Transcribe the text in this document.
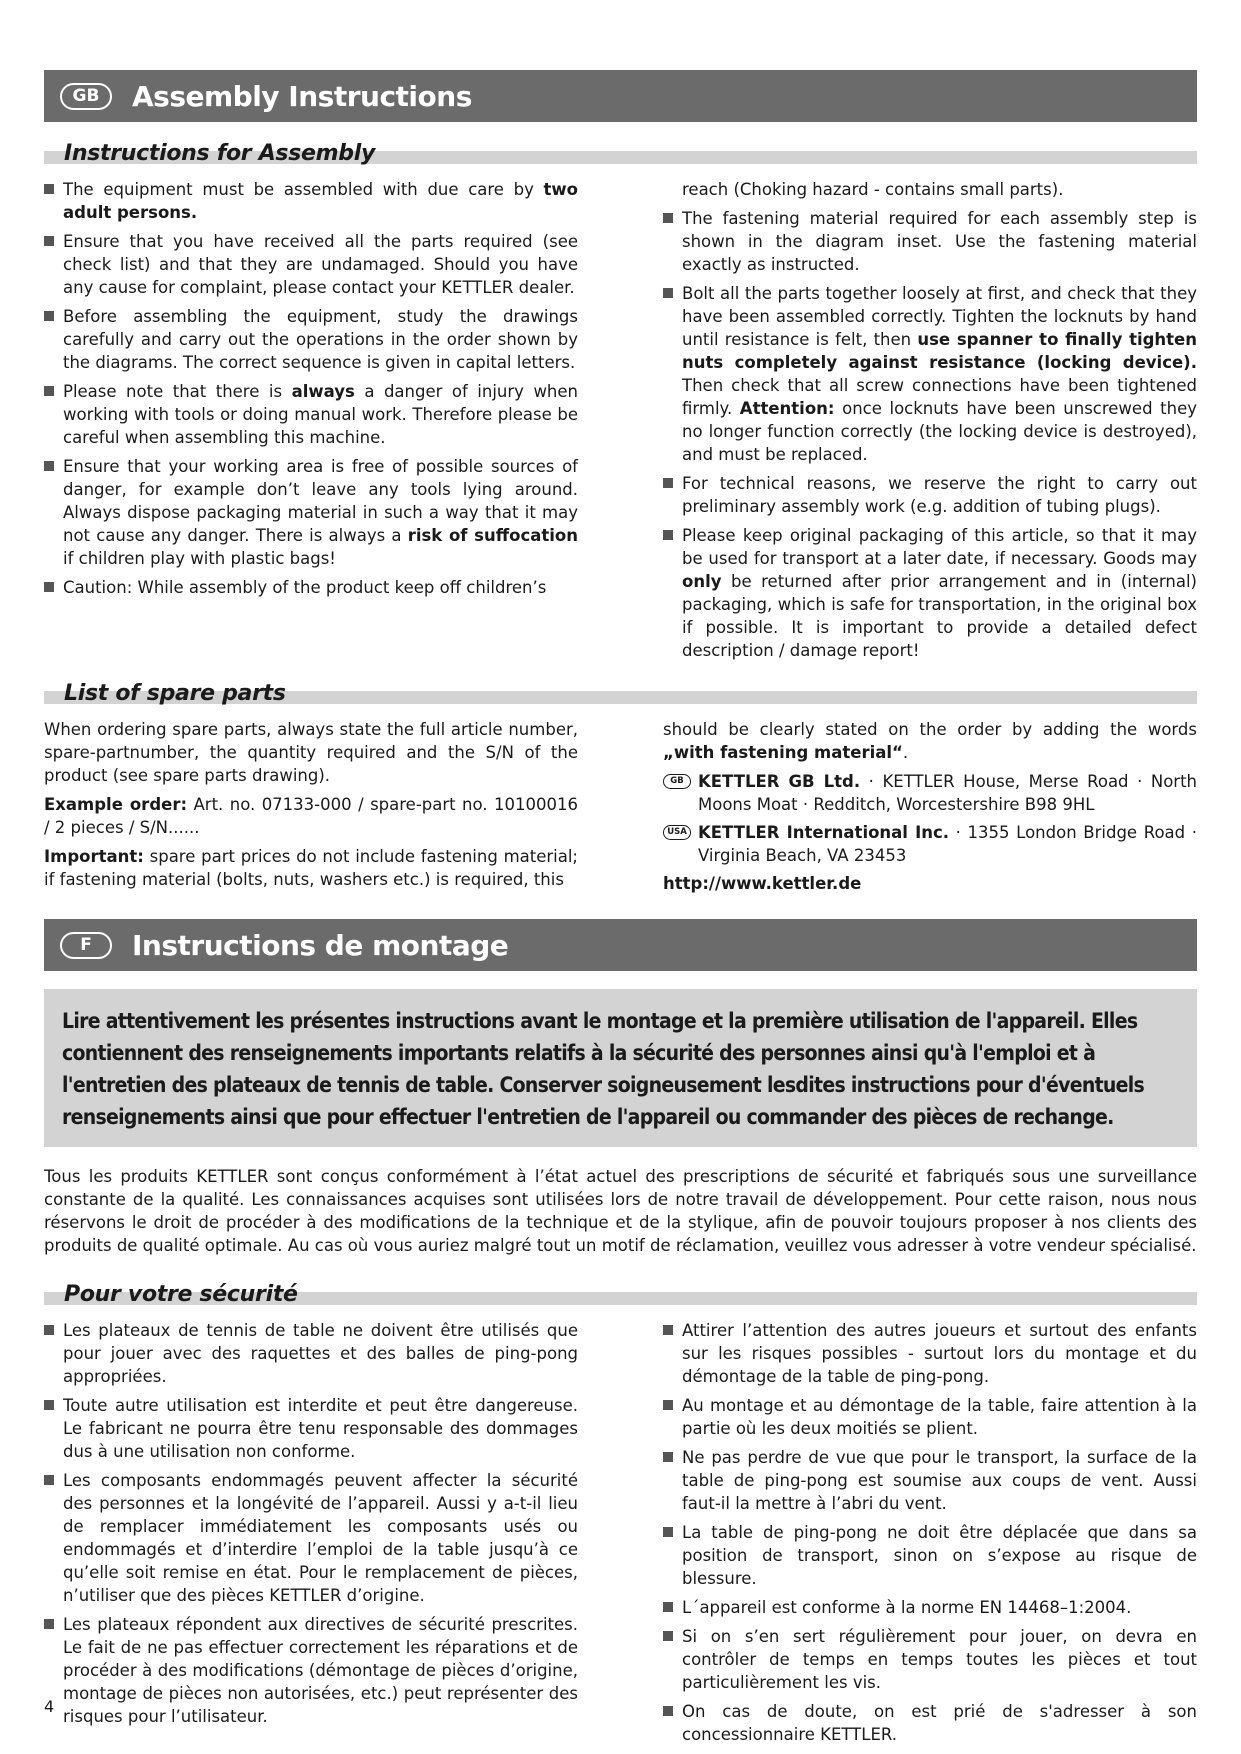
GB	Assembly Instructions
Instructions for Assembly
The equipment must be assembled with due care by two adult persons.
Ensure that you have received all the parts required (see check list) and that they are undamaged. Should you have any cause for complaint, please contact your KETTLER dealer.
Before assembling the equipment, study the drawings carefully and carry out the operations in the order shown by the diagrams. The correct sequence is given in capital letters.
Please note that there is always a danger of injury when working with tools or doing manual work. Therefore please be careful when assembling this machine.
Ensure that your working area is free of possible sources of danger, for example don’t leave any tools lying around. Always dispose packaging material in such a way that it may not cause any danger. There is always a risk of suffocation if children play with plastic bags!
Caution: While assembly of the product keep off children’s
reach (Choking hazard - contains small parts).
The fastening material required for each assembly step is shown in the diagram inset. Use the fastening material exactly as instructed.
Bolt all the parts together loosely at first, and check that they have been assembled correctly. Tighten the locknuts by hand until resistance is felt, then use spanner to finally tighten nuts completely against resistance (locking device). Then check that all screw connections have been tightened firmly. Attention: once locknuts have been unscrewed they no longer function correctly (the locking device is destroyed), and must be replaced.
For technical reasons, we reserve the right to carry out preliminary assembly work (e.g. addition of tubing plugs).
Please keep original packaging of this article, so that it may be used for transport at a later date, if necessary. Goods may only be returned after prior arrangement and in (internal) packaging, which is safe for transportation, in the original box if possible. It is important to provide a detailed defect description / damage report!
List of spare parts

When ordering spare parts, always state the full article number, spare-partnumber, the quantity required and the S/N of the product (see spare parts drawing).

Example order: Art. no. 07133-000 / spare-part no. 10100016 / 2 pieces / S/N......

Important: spare part prices do not include fastening material; if fastening material (bolts, nuts, washers etc.) is required, this

should be clearly stated on the order by adding the words „with fastening material“.

GB KETTLER GB Ltd. · KETTLER House, Merse Road · North Moons Moat · Redditch, Worcestershire B98 9HL
USA KETTLER International Inc. · 1355 London Bridge Road · Virginia Beach, VA 23453

http://www.kettler.de

F	Instructions de montage
Lire attentivement les présentes instructions avant le montage et la première utilisation de l'appareil. Elles contiennent des renseignements importants relatifs à la sécurité des personnes ainsi qu'à l'emploi et à l'entretien des plateaux de tennis de table. Conserver soigneusement lesdites instructions pour d'éventuels renseignements ainsi que pour effectuer l'entretien de l'appareil ou commander des pièces de rechange.
Tous les produits KETTLER sont conçus conformément à l’état actuel des prescriptions de sécurité et fabriqués sous une surveillance constante de la qualité. Les connaissances acquises sont utilisées lors de notre travail de développement. Pour cette raison, nous nous réservons le droit de procéder à des modifications de la technique et de la stylique, afin de pouvoir toujours proposer à nos clients des produits de qualité optimale. Au cas où vous auriez malgré tout un motif de réclamation, veuillez vous adresser à votre vendeur spécialisé.
Pour votre sécurité
Les plateaux de tennis de table ne doivent être utilisés que pour jouer avec des raquettes et des balles de ping-pong appropriées.
Toute autre utilisation est interdite et peut être dangereuse. Le fabricant ne pourra être tenu responsable des dommages dus à une utilisation non conforme.
Les composants endommagés peuvent affecter la sécurité des personnes et la longévité de l’appareil. Aussi y a-t-il lieu de remplacer immédiatement les composants usés ou endommagés et d’interdire l’emploi de la table jusqu’à ce qu’elle soit remise en état. Pour le remplacement de pièces, n’utiliser que des pièces KETTLER d’origine.
Les plateaux répondent aux directives de sécurité prescrites. Le fait de ne pas effectuer correctement les réparations et de procéder à des modifications (démontage de pièces d’origine, montage de pièces non autorisées, etc.) peut représenter des risques pour l’utilisateur.
Attirer l’attention des autres joueurs et surtout des enfants sur les risques possibles - surtout lors du montage et du démontage de la table de ping-pong.
Au montage et au démontage de la table, faire attention à la partie où les deux moitiés se plient.
Ne pas perdre de vue que pour le transport, la surface de la table de ping-pong est soumise aux coups de vent. Aussi faut-il la mettre à l’abri du vent.
La table de ping-pong ne doit être déplacée que dans sa position de transport, sinon on s’expose au risque de blessure.
L´appareil est conforme à la norme EN 14468–1:2004.
Si on s’en sert régulièrement pour jouer, on devra en contrôler de temps en temps toutes les pièces et tout particulièrement les vis.
On cas de doute, on est prié de s'adresser à son concessionnaire KETTLER.
4
